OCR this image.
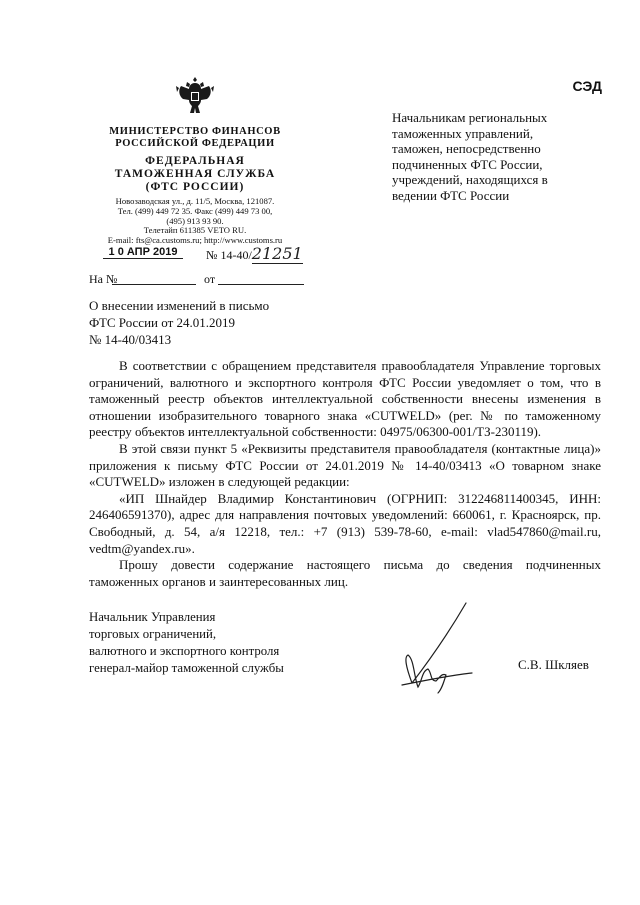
МИНИСТЕРСТВО ФИНАНСОВ
РОССИЙСКОЙ ФЕДЕРАЦИИ
ФЕДЕРАЛЬНАЯ
ТАМОЖЕННАЯ СЛУЖБА
(ФТС РОССИИ)
Новозаводская ул., д. 11/5, Москва, 121087.
Тел. (499) 449 72 35. Факс (499) 449 73 00,
(495) 913 93 90.
Телетайп 611385 VETO RU.
E-mail: fts@ca.customs.ru; http://www.customs.ru
СЭД
Начальникам региональных
таможенных управлений,
таможен, непосредственно
подчиненных ФТС России,
учреждений, находящихся в
ведении ФТС России
1 0 АПР 2019	№ 14-40/21251
На №	от
О внесении изменений в письмо
ФТС России от 24.01.2019
№ 14-40/03413

В соответствии с обращением представителя правообладателя Управление торговых ограничений, валютного и экспортного контроля ФТС России уведомляет о том, что в таможенный реестр объектов интеллектуальной собственности внесены изменения в отношении изобразительного товарного знака «CUTWELD» (рег. № по таможенному реестру объектов интеллектуальной собственности: 04975/06300-001/ТЗ-230119).

В этой связи пункт 5 «Реквизиты представителя правообладателя (контактные лица)» приложения к письму ФТС России от 24.01.2019 № 14-40/03413 «О товарном знаке «CUTWELD» изложен в следующей редакции:

«ИП Шнайдер Владимир Константинович (ОГРНИП: 312246811400345, ИНН: 246406591370), адрес для направления почтовых уведомлений: 660061, г. Красноярск, пр. Свободный, д. 54, а/я 12218, тел.: +7 (913) 539-78-60, e-mail: vlad547860@mail.ru, vedtm@yandex.ru».

Прошу довести содержание настоящего письма до сведения подчиненных таможенных органов и заинтересованных лиц.

Начальник Управления
торговых ограничений,
валютного и экспортного контроля
генерал-майор таможенной службы	С.В. Шкляев
